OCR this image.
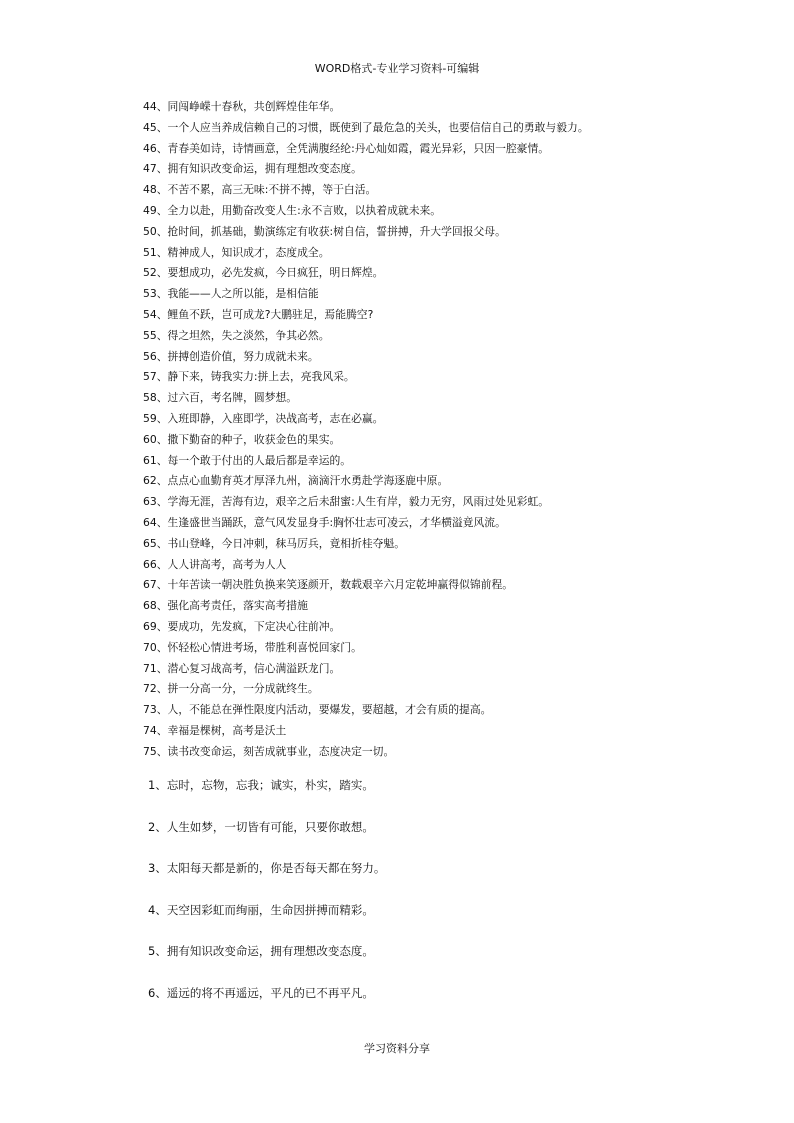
WORD格式-专业学习资料-可编辑
44、同闯峥嵘十春秋，共创辉煌佳年华。
45、一个人应当养成信赖自己的习惯，既使到了最危急的关头，也要信信自己的勇敢与毅力。
46、青春美如诗，诗情画意，全凭满腹经纶:丹心灿如霞，霞光异彩，只因一腔豪情。
47、拥有知识改变命运，拥有理想改变态度。
48、不苦不累，高三无味:不拼不搏，等于白活。
49、全力以赴，用勤奋改变人生:永不言败，以执着成就未来。
50、抢时间，抓基础，勤演练定有收获:树自信，誓拼搏，升大学回报父母。
51、精神成人，知识成才，态度成全。
52、要想成功，必先发疯，今日疯狂，明日辉煌。
53、我能——人之所以能，是相信能
54、鲤鱼不跃，岂可成龙?大鹏驻足，焉能腾空?
55、得之坦然，失之淡然，争其必然。
56、拼搏创造价值，努力成就未来。
57、静下来，铸我实力:拼上去，亮我风采。
58、过六百，考名牌，圆梦想。
59、入班即静，入座即学，决战高考，志在必赢。
60、撒下勤奋的种子，收获金色的果实。
61、每一个敢于付出的人最后都是幸运的。
62、点点心血勤育英才厚泽九州，滴滴汗水勇赴学海逐鹿中原。
63、学海无涯，苦海有边，艰辛之后未甜蜜:人生有岸，毅力无穷，风雨过处见彩虹。
64、生逢盛世当踊跃，意气风发显身手:胸怀壮志可凌云，才华横溢竟风流。
65、书山登峰，今日冲刺，秣马厉兵，竟相折桂夺魁。
66、人人讲高考，高考为人人
67、十年苦读一朝决胜负换来笑逐颜开，数载艰辛六月定乾坤赢得似锦前程。
68、强化高考责任，落实高考措施
69、要成功，先发疯，下定决心往前冲。
70、怀轻松心情进考场，带胜利喜悦回家门。
71、潜心复习战高考，信心满溢跃龙门。
72、拼一分高一分，一分成就终生。
73、人，不能总在弹性限度内活动，要爆发，要超越，才会有质的提高。
74、幸福是棵树，高考是沃土
75、读书改变命运，刻苦成就事业，态度决定一切。
1、忘时，忘物，忘我；诚实，朴实，踏实。
2、人生如梦，一切皆有可能，只要你敢想。
3、太阳每天都是新的，你是否每天都在努力。
4、天空因彩虹而绚丽，生命因拼搏而精彩。
5、拥有知识改变命运，拥有理想改变态度。
6、遥远的将不再遥远，平凡的已不再平凡。
学习资料分享
